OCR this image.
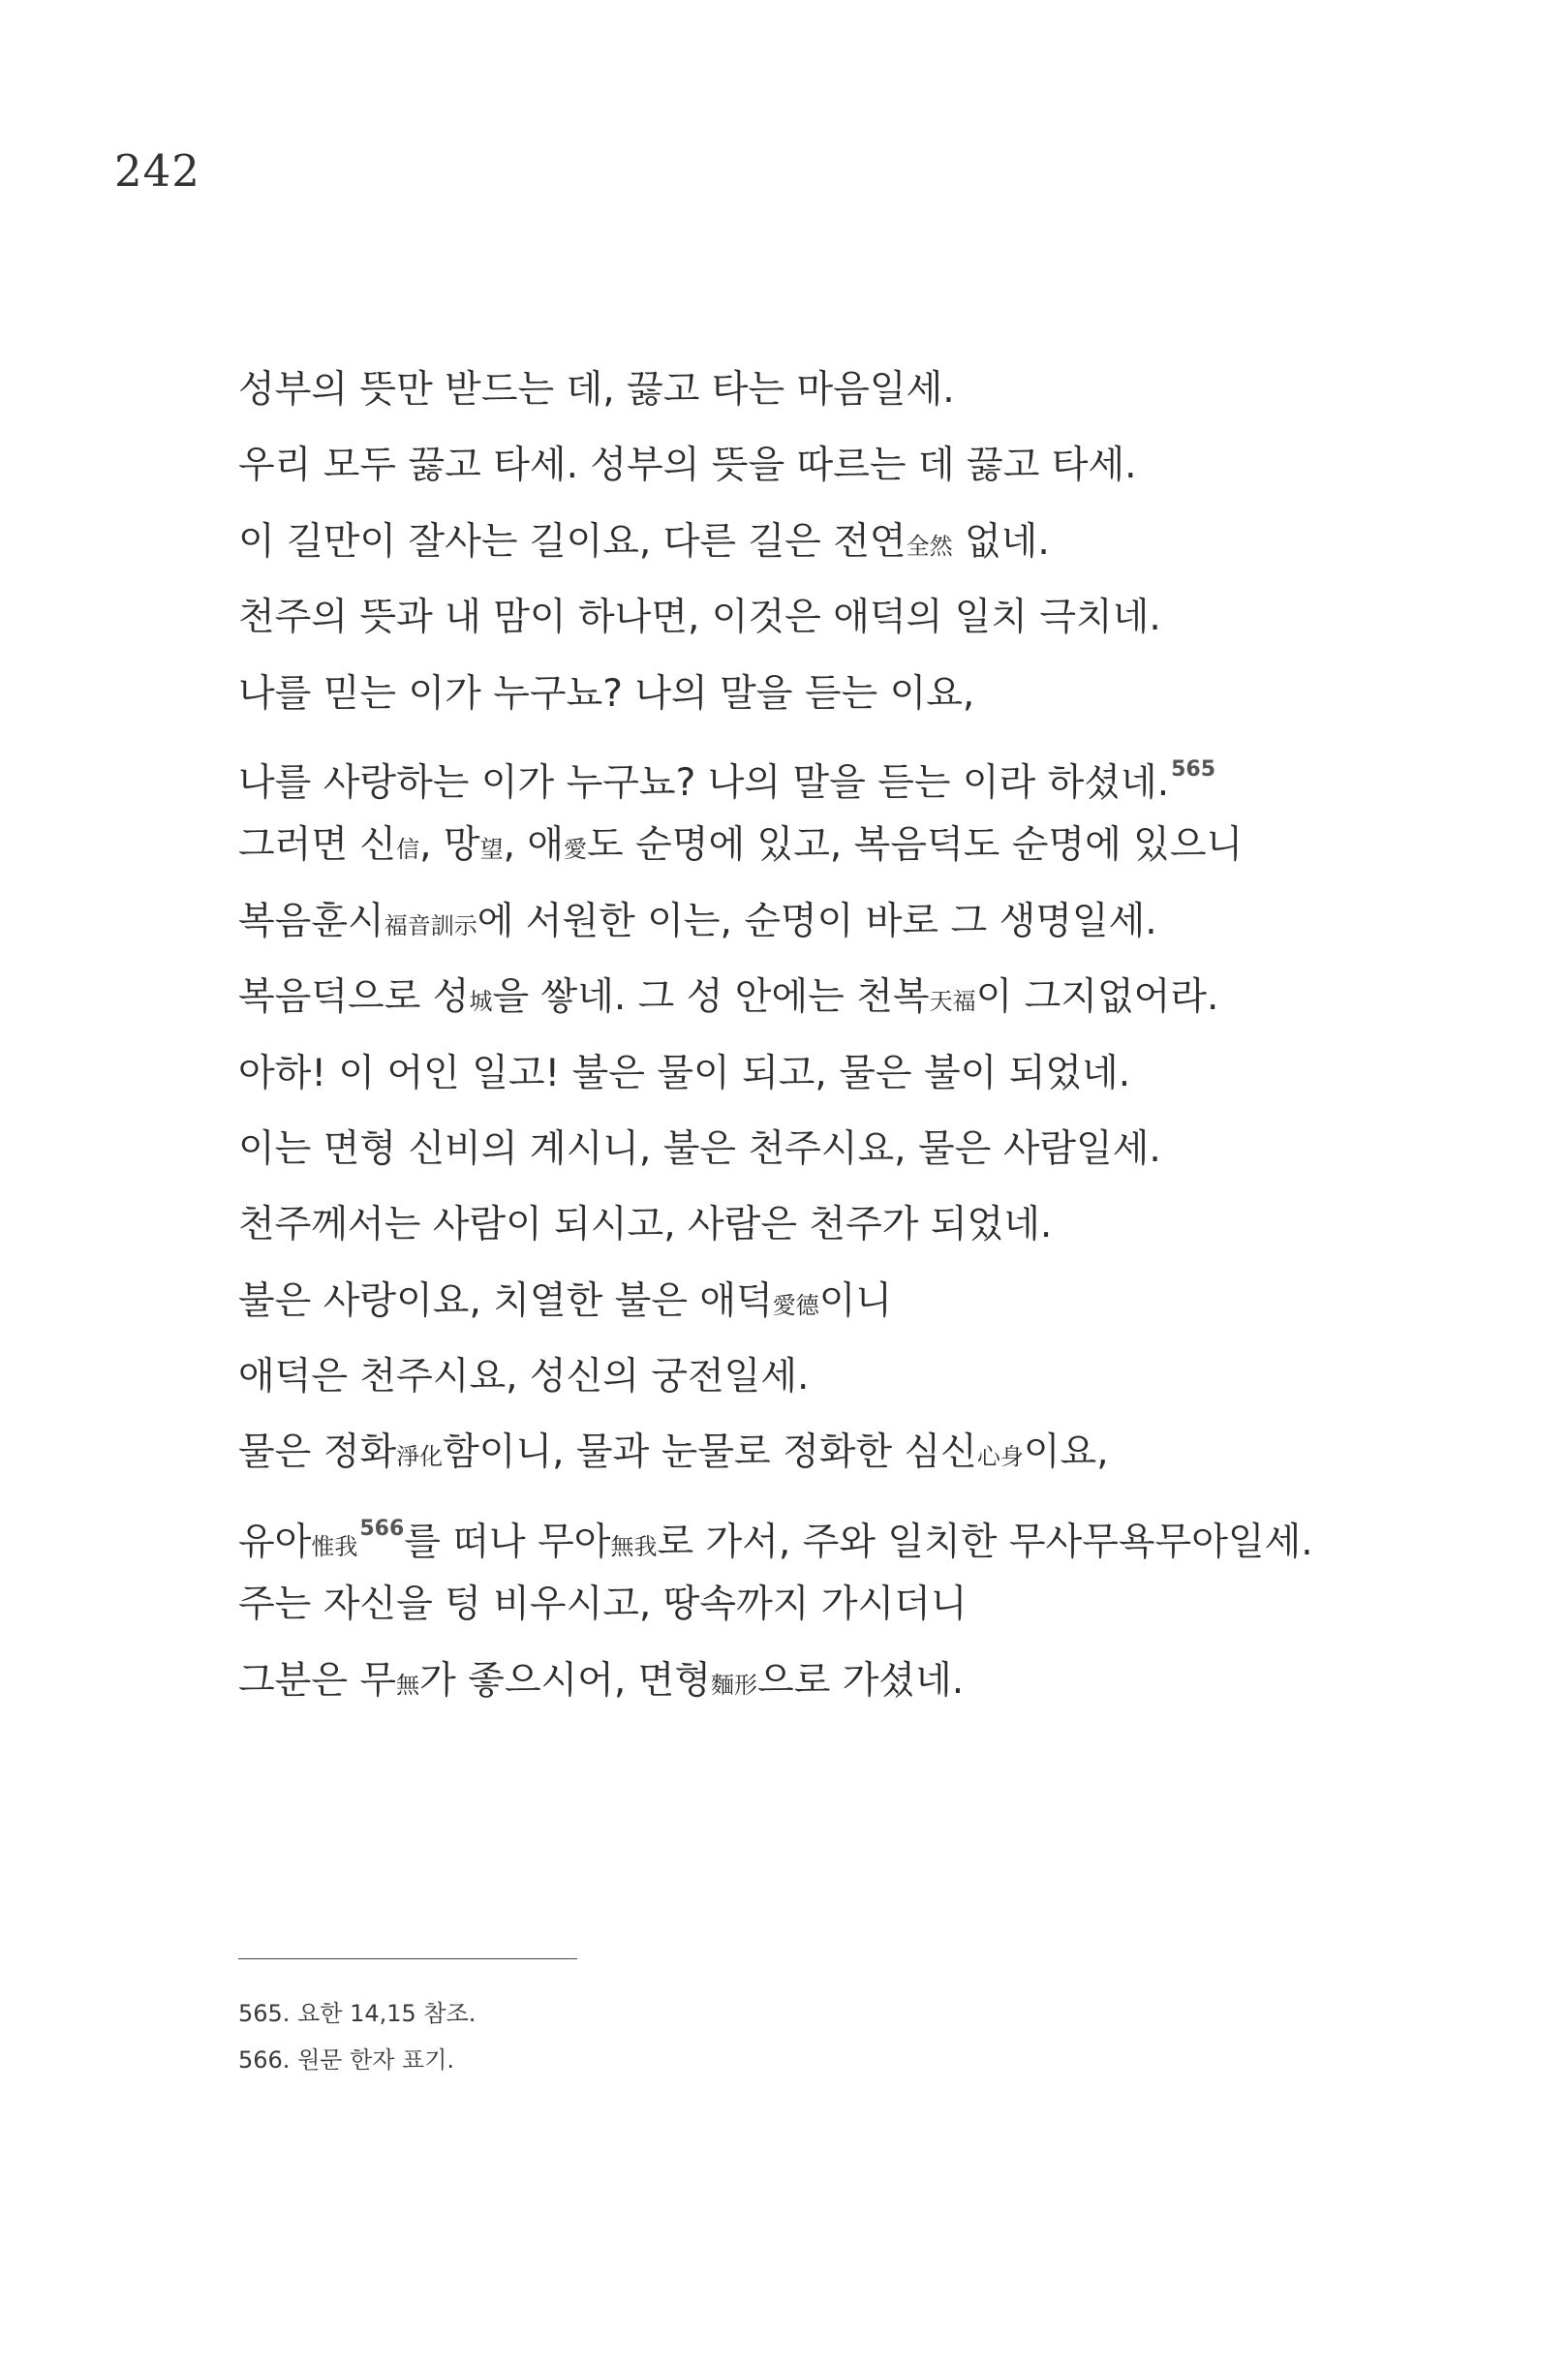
242
성부의 뜻만 받드는 데, 끓고 타는 마음일세.
우리 모두 끓고 타세. 성부의 뜻을 따르는 데 끓고 타세.
이 길만이 잘사는 길이요, 다른 길은 전연全然 없네.
천주의 뜻과 내 맘이 하나면, 이것은 애덕의 일치 극치네.
나를 믿는 이가 누구뇨? 나의 말을 듣는 이요,
나를 사랑하는 이가 누구뇨? 나의 말을 듣는 이라 하셨네.$^{565}$
그러면 신信, 망望, 애愛도 순명에 있고, 복음덕도 순명에 있으니
복음훈시福音訓示에 서원한 이는, 순명이 바로 그 생명일세.
복음덕으로 성城을 쌓네. 그 성 안에는 천복天福이 그지없어라.
아하! 이 어인 일고! 불은 물이 되고, 물은 불이 되었네.
이는 면형 신비의 계시니, 불은 천주시요, 물은 사람일세.
천주께서는 사람이 되시고, 사람은 천주가 되었네.
불은 사랑이요, 치열한 불은 애덕愛德이니
애덕은 천주시요, 성신의 궁전일세.
물은 정화淨化함이니, 물과 눈물로 정화한 심신心身이요,
유아惟我$^{566}$를 떠나 무아無我로 가서, 주와 일치한 무사무욕무아일세.
주는 자신을 텅 비우시고, 땅속까지 가시더니
그분은 무無가 좋으시어, 면형麵形으로 가셨네.
565. 요한 14,15 참조.
566. 원문 한자 표기.
